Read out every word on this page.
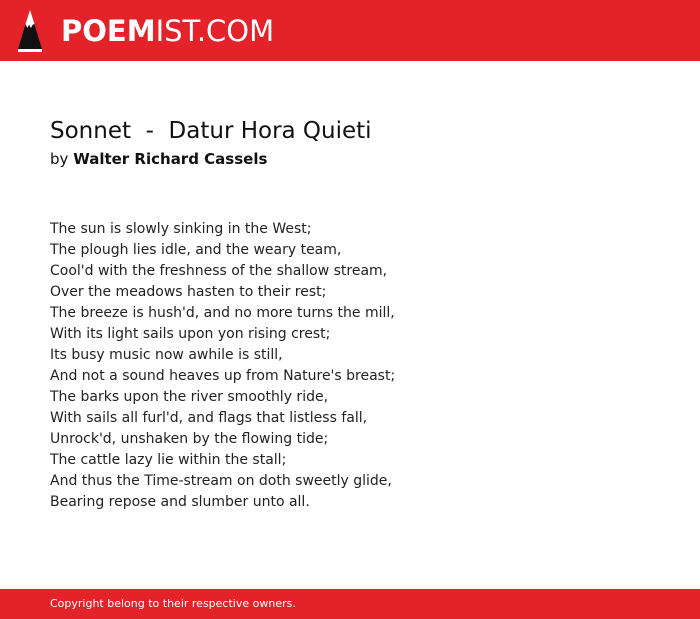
POEMIST.COM
Sonnet  -  Datur Hora Quieti
by Walter Richard Cassels
The sun is slowly sinking in the West;
The plough lies idle, and the weary team,
Cool'd with the freshness of the shallow stream,
Over the meadows hasten to their rest;
The breeze is hush'd, and no more turns the mill,
With its light sails upon yon rising crest;
Its busy music now awhile is still,
And not a sound heaves up from Nature's breast;
The barks upon the river smoothly ride,
With sails all furl'd, and flags that listless fall,
Unrock'd, unshaken by the flowing tide;
The cattle lazy lie within the stall;
And thus the Time-stream on doth sweetly glide,
Bearing repose and slumber unto all.
Copyright belong to their respective owners.
